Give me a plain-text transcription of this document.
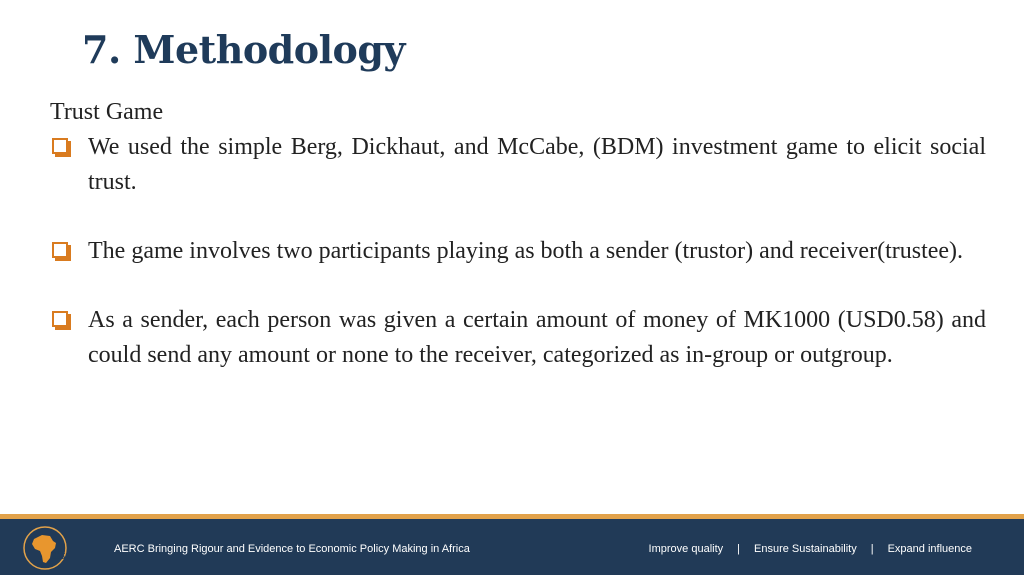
7. Methodology
Trust Game
We used the simple Berg, Dickhaut, and McCabe, (BDM) investment game to elicit social trust.
The game involves two participants playing as both a sender (trustor) and receiver(trustee).
As a sender, each person was given a certain amount of money of MK1000 (USD0.58) and could send any amount or none to the receiver, categorized as in-group or outgroup.
AERC
CREA
AERC Bringing Rigour and Evidence to Economic Policy Making in Africa	Improve quality | Ensure Sustainability | Expand influence
